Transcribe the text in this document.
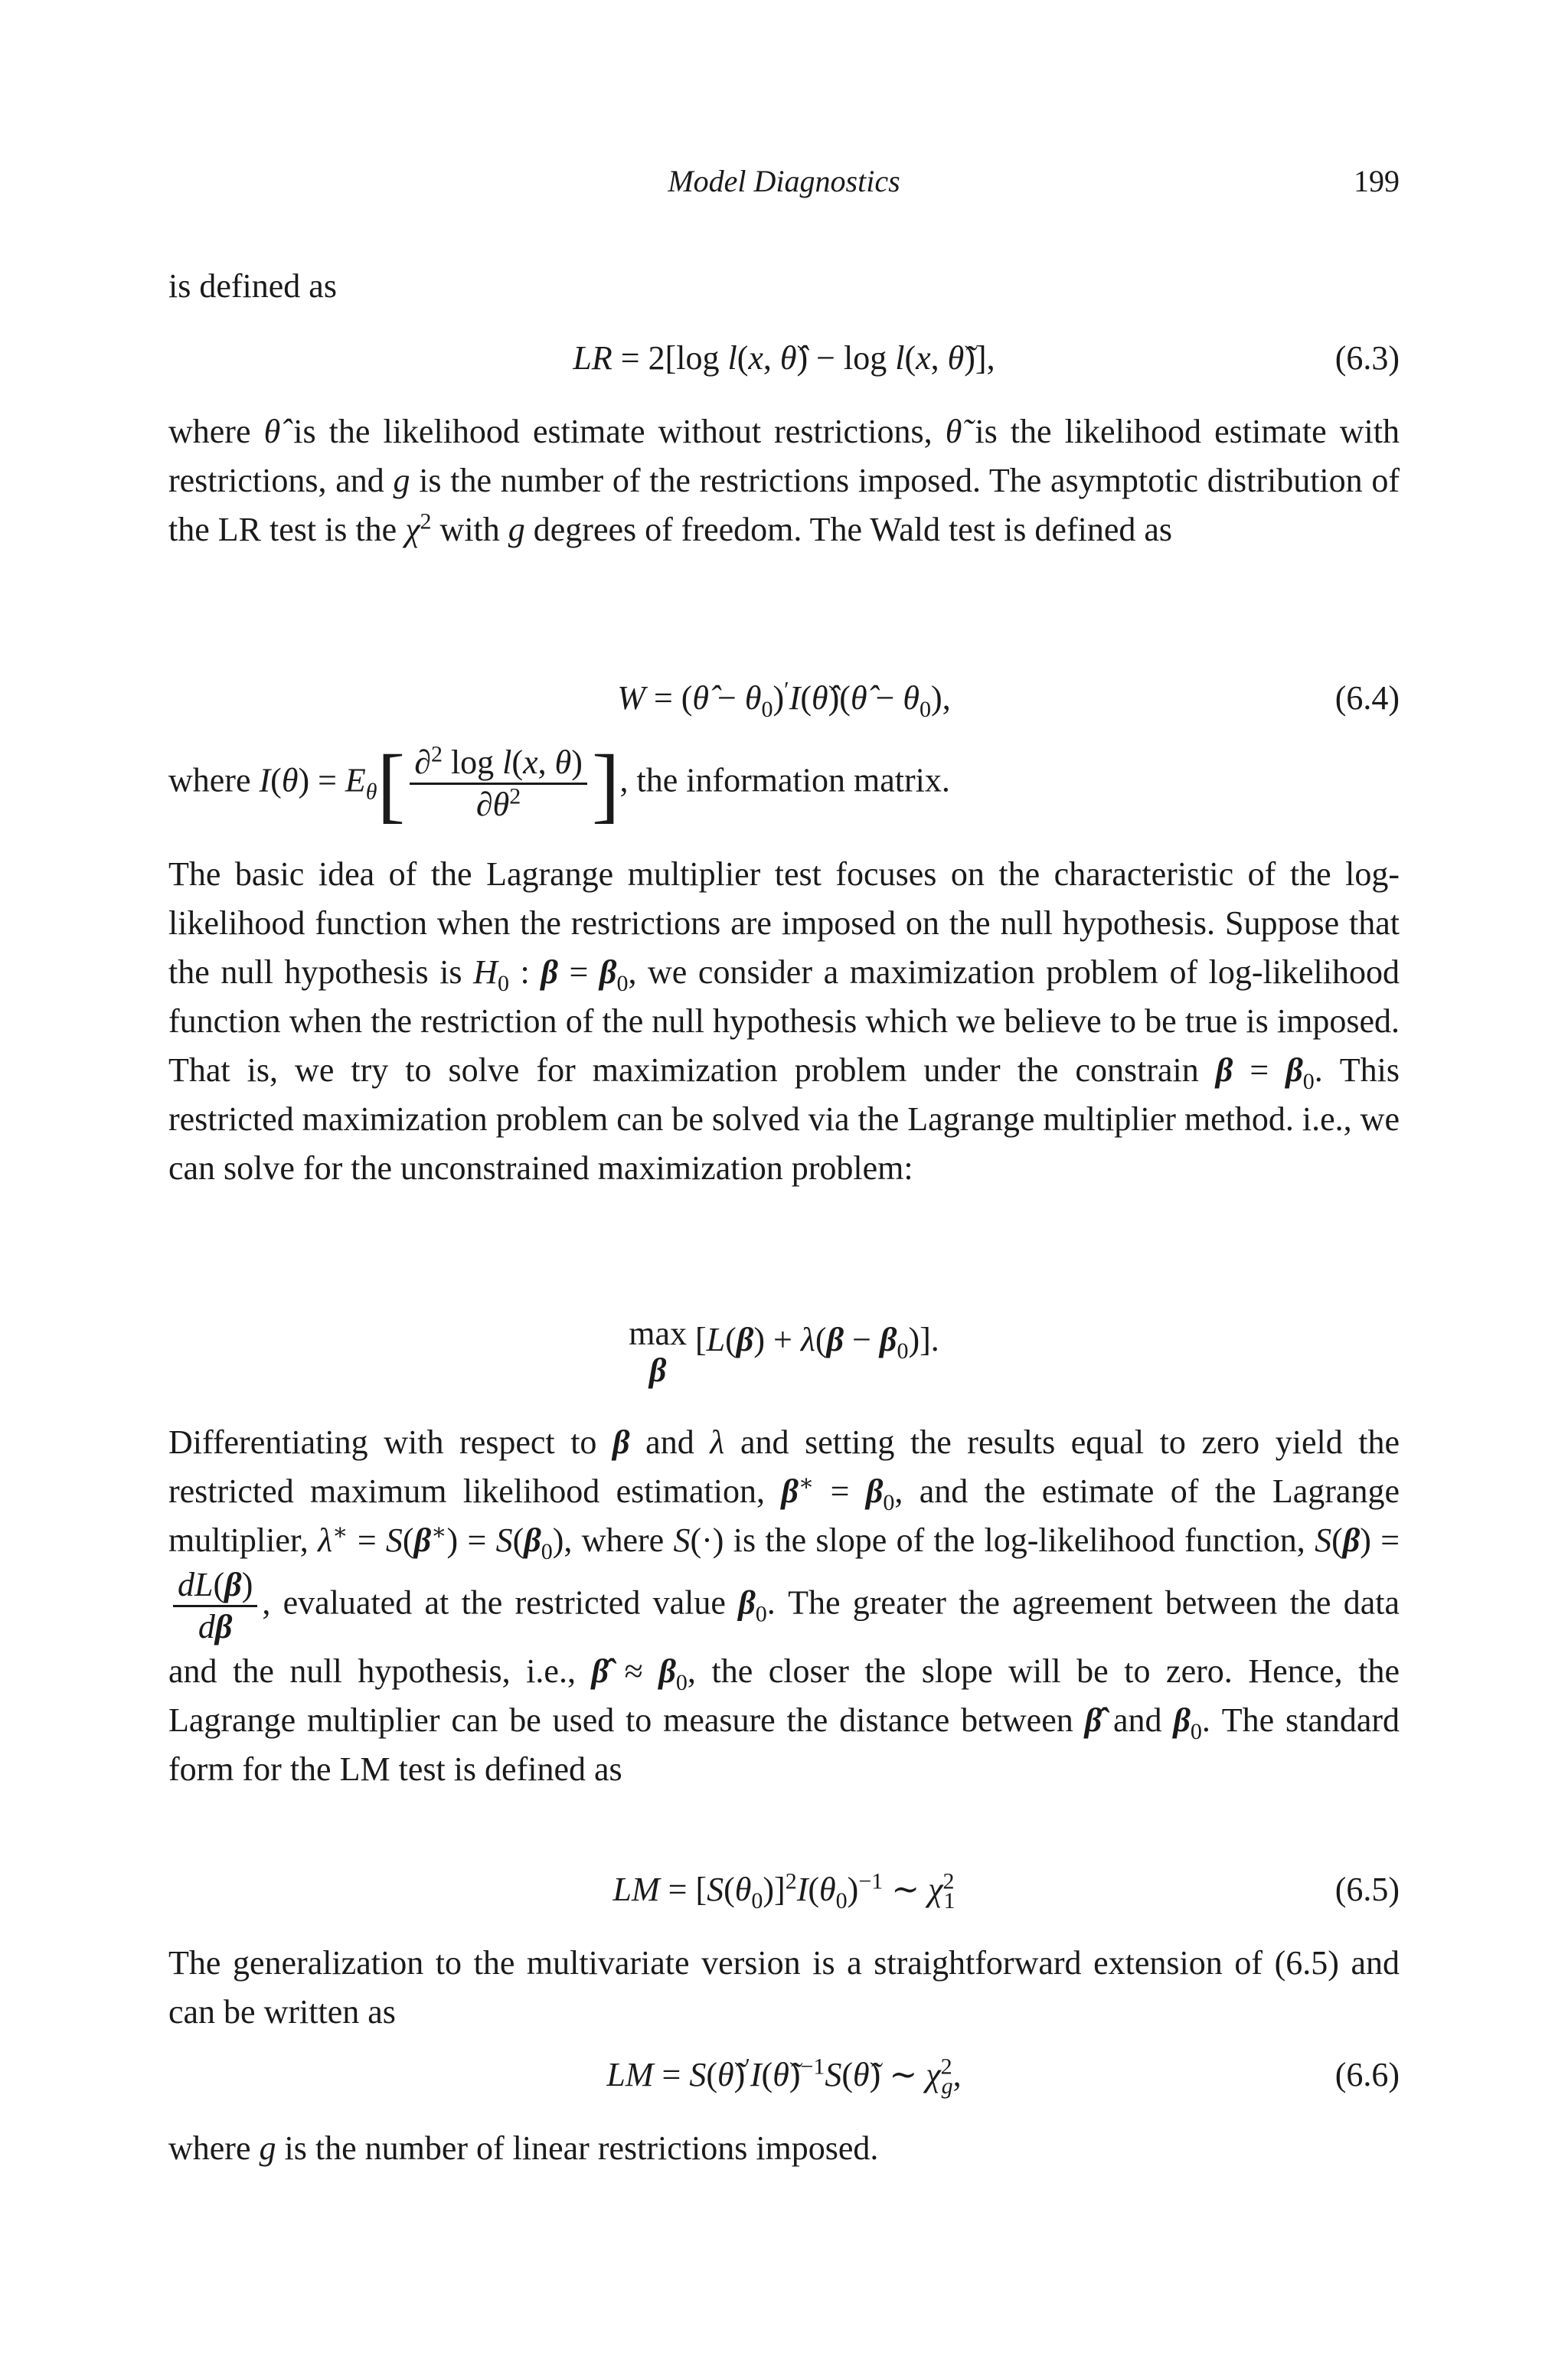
Model Diagnostics	199
is defined as
LR = 2[log l(x, θ̂) − log l(x, θ̃)],	(6.3)
where θ̂ is the likelihood estimate without restrictions, θ̃ is the likelihood estimate with restrictions, and g is the number of the restrictions imposed. The asymptotic distribution of the LR test is the $\chi^2$ with g degrees of freedom. The Wald test is defined as
W = (θ̂ − $\theta_0)'I(\thetâ)(\thetâ - \theta_0)$,	(6.4)
where $I(\theta) = E_\theta[ \frac{\partial^2 \log l(x, \theta)}{\partial\theta^2}$ ], the information matrix.
The basic idea of the Lagrange multiplier test focuses on the characteristic of the log-likelihood function when the restrictions are imposed on the null hypothesis. Suppose that the null hypothesis is $H_0$ : $\beta = \beta_0$, we consider a maximization problem of log-likelihood function when the restriction of the null hypothesis which we believe to be true is imposed. That is, we try to solve for maximization problem under the constrain $\beta = \beta_0$. This restricted maximization problem can be solved via the Lagrange multiplier method. i.e., we can solve for the unconstrained maximization problem:
max
β
$[L(\beta) + \lambda(\beta - \beta_0)]$.
Differentiating with respect to β and λ and setting the results equal to zero yield the restricted maximum likelihood estimation, $\beta^∗ = \beta_0$, and the estimate of the Lagrange multiplier, $\lambda^∗ = S(\beta^∗) = S(\beta_0)$, where S(·) is the slope of the log-likelihood function, S(β) =
$\frac{dL(\beta)}{d\beta}$ , evaluated at the restricted value $\beta_0$. The greater the agreement between the data and the null hypothesis, i.e., β̂ ≈ $\beta_0$, the closer the slope will be to zero. Hence, the Lagrange multiplier can be used to measure the distance between β̂ and $\beta_0$. The standard form for the LM test is defined as
LM = $[S(\theta_0)]^2I(\theta_0)^{-1}$ ∼ $\chi^2_1$	(6.5)
The generalization to the multivariate version is a straightforward extension of (6.5) and can be written as
LM = S(θ̃)′I(θ̃)$^{-1}$S(θ̃) ∼ $\chi^2_g$,	(6.6)
where g is the number of linear restrictions imposed.
